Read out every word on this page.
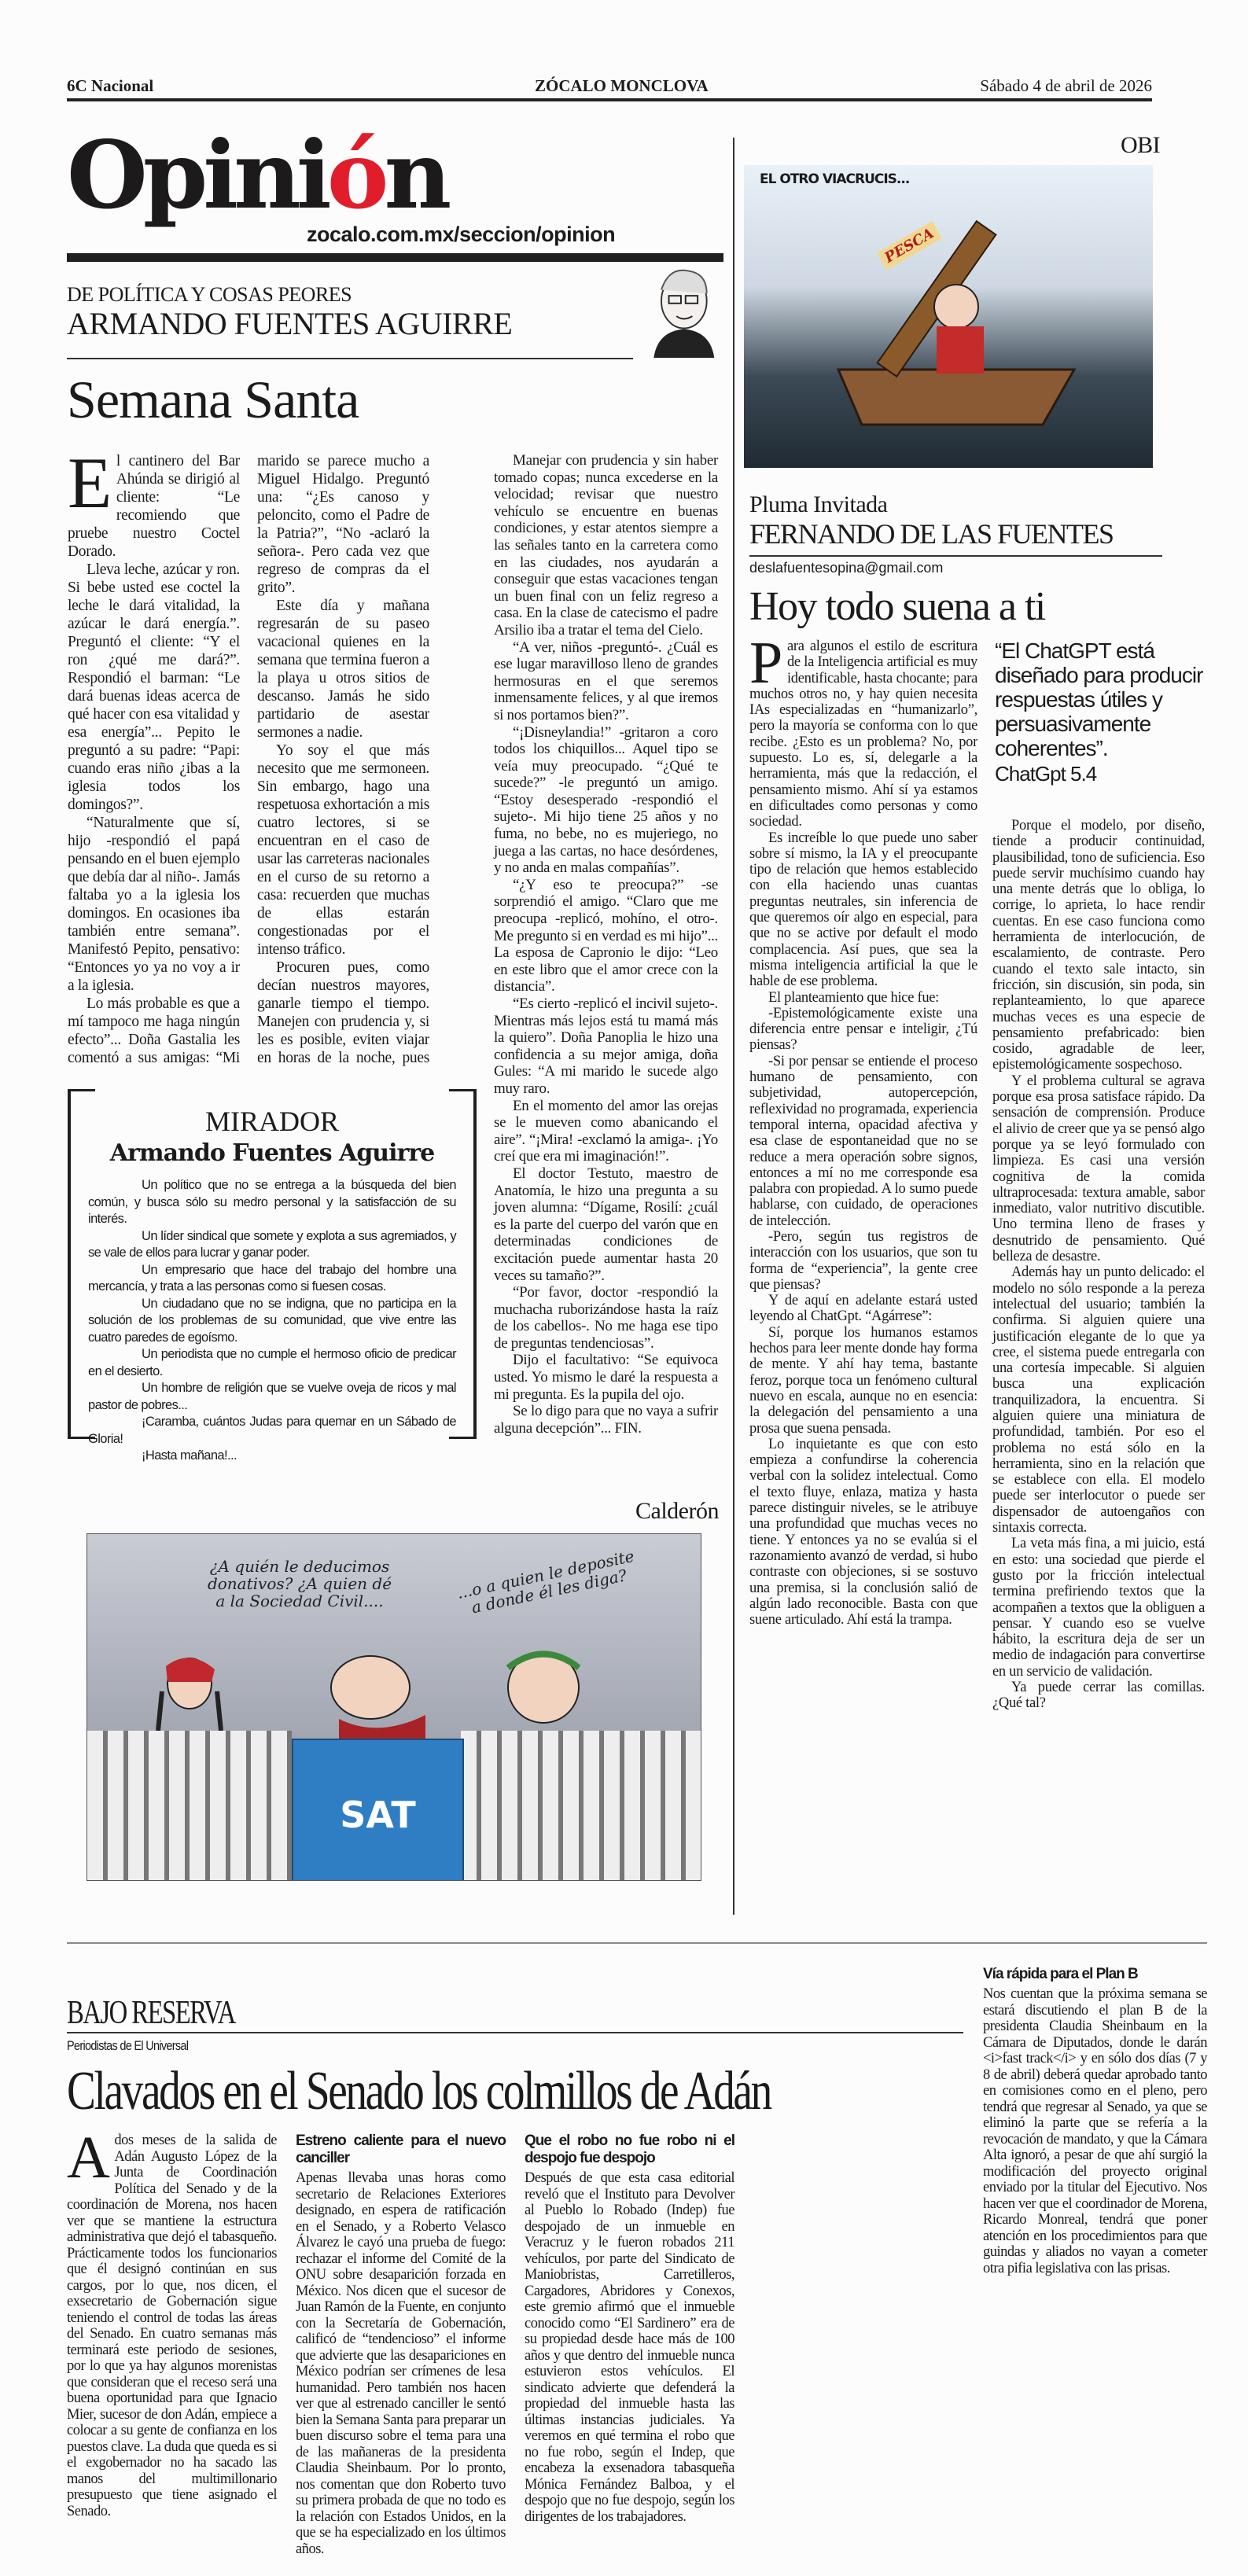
6C Nacional	ZÓCALO MONCLOVA	Sábado 4 de abril de 2026
Opinión
zocalo.com.mx/seccion/opinion
DE POLÍTICA Y COSAS PEORES
ARMANDO FUENTES AGUIRRE
Semana Santa

El cantinero del Bar Ahúnda se dirigió al cliente: “Le recomiendo que pruebe nuestro Coctel Dorado.

Lleva leche, azúcar y ron. Si bebe usted ese coctel la leche le dará vitalidad, la azúcar le dará energía.”. Preguntó el cliente: “Y el ron ¿qué me dará?”. Respondió el barman: “Le dará buenas ideas acerca de qué hacer con esa vitalidad y esa energía”... Pepito le preguntó a su padre: “Papi: cuando eras niño ¿ibas a la iglesia todos los domingos?”.

“Naturalmente que sí, hijo -respondió el papá pensando en el buen ejemplo que debía dar al niño-. Jamás faltaba yo a la iglesia los domingos. En ocasiones iba también entre semana”. Manifestó Pepito, pensativo: “Entonces yo ya no voy a ir a la iglesia.

Lo más probable es que a mí tampoco me haga ningún efecto”... Doña Gastalia les comentó a sus amigas: “Mi marido se parece mucho a Miguel Hidalgo. Preguntó una: “¿Es canoso y peloncito, como el Padre de la Patria?”, “No -aclaró la señora-. Pero cada vez que regreso de compras da el grito”.

Este día y mañana regresarán de su paseo vacacional quienes en la semana que termina fueron a la playa u otros sitios de descanso. Jamás he sido partidario de asestar sermones a nadie.

Yo soy el que más necesito que me sermoneen. Sin embargo, hago una respetuosa exhortación a mis cuatro lectores, si se encuentran en el caso de usar las carreteras nacionales en el curso de su retorno a casa: recuerden que muchas de ellas estarán congestionadas por el intenso tráfico.

Procuren pues, como decían nuestros mayores, ganarle tiempo el tiempo. Manejen con prudencia y, si les es posible, eviten viajar en horas de la noche, pues

Manejar con prudencia y sin haber tomado copas; nunca excederse en la velocidad; revisar que nuestro vehículo se encuentre en buenas condiciones, y estar atentos siempre a las señales tanto en la carretera como en las ciudades, nos ayudarán a conseguir que estas vacaciones tengan un buen final con un feliz regreso a casa. En la clase de catecismo el padre Arsilio iba a tratar el tema del Cielo.

“A ver, niños -preguntó-. ¿Cuál es ese lugar maravilloso lleno de grandes hermosuras en el que seremos inmensamente felices, y al que iremos si nos portamos bien?”.

“¡Disneylandia!” -gritaron a coro todos los chiquillos... Aquel tipo se veía muy preocupado. “¿Qué te sucede?” -le preguntó un amigo. “Estoy desesperado -respondió el sujeto-. Mi hijo tiene 25 años y no fuma, no bebe, no es mujeriego, no juega a las cartas, no hace desórdenes, y no anda en malas compañías”.

“¿Y eso te preocupa?” -se sorprendió el amigo. “Claro que me preocupa -replicó, mohíno, el otro-. Me pregunto si en verdad es mi hijo”... La esposa de Capronio le dijo: “Leo en este libro que el amor crece con la distancia”.

“Es cierto -replicó el incivil sujeto-. Mientras más lejos está tu mamá más la quiero”. Doña Panoplia le hizo una confidencia a su mejor amiga, doña Gules: “A mi marido le sucede algo muy raro.

En el momento del amor las orejas se le mueven como abanicando el aire”. “¡Mira! -exclamó la amiga-. ¡Yo creí que era mi imaginación!”.

El doctor Testuto, maestro de Anatomía, le hizo una pregunta a su joven alumna: “Dígame, Rosilí: ¿cuál es la parte del cuerpo del varón que en determinadas condiciones de excitación puede aumentar hasta 20 veces su tamaño?”.

“Por favor, doctor -respondió la muchacha ruborizándose hasta la raíz de los cabellos-. No me haga ese tipo de preguntas tendenciosas”.

Dijo el facultativo: “Se equivoca usted. Yo mismo le daré la respuesta a mi pregunta. Es la pupila del ojo.

Se lo digo para que no vaya a sufrir alguna decepción”... FIN.

MIRADOR
Armando Fuentes Aguirre

Un político que no se entrega a la búsqueda del bien común, y busca sólo su medro personal y la satisfacción de su interés.

Un líder sindical que somete y explota a sus agremiados, y se vale de ellos para lucrar y ganar poder.

Un empresario que hace del trabajo del hombre una mercancía, y trata a las personas como si fuesen cosas.

Un ciudadano que no se indigna, que no participa en la solución de los problemas de su comunidad, que vive entre las cuatro paredes de egoísmo.

Un periodista que no cumple el hermoso oficio de predicar en el desierto.

Un hombre de religión que se vuelve oveja de ricos y mal pastor de pobres...

¡Caramba, cuántos Judas para quemar en un Sábado de Gloria!

¡Hasta mañana!...

Calderón
¿A quién le deducimos donativos? ¿A quien dé a la Sociedad Civil....	...o a quien le deposite a donde él les diga?
SAT
OBI
EL OTRO VIACRUCIS...
PESCA
Pluma Invitada
FERNANDO DE LAS FUENTES
deslafuentesopina@gmail.com
Hoy todo suena a ti
“El ChatGPT está diseñado para producir respuestas útiles y persuasivamente coherentes”.
ChatGpt 5.4

Para algunos el estilo de escritura de la Inteligencia artificial es muy identificable, hasta chocante; para muchos otros no, y hay quien necesita IAs especializadas en “humanizarlo”, pero la mayoría se conforma con lo que recibe. ¿Esto es un problema? No, por supuesto. Lo es, sí, delegarle a la herramienta, más que la redacción, el pensamiento mismo. Ahí sí ya estamos en dificultades como personas y como sociedad.

Es increíble lo que puede uno saber sobre sí mismo, la IA y el preocupante tipo de relación que hemos establecido con ella haciendo unas cuantas preguntas neutrales, sin inferencia de que queremos oír algo en especial, para que no se active por default el modo complacencia. Así pues, que sea la misma inteligencia artificial la que le hable de ese problema.

El planteamiento que hice fue:

-Epistemológicamente existe una diferencia entre pensar e inteligir, ¿Tú piensas?

-Si por pensar se entiende el proceso humano de pensamiento, con subjetividad, autopercepción, reflexividad no programada, experiencia temporal interna, opacidad afectiva y esa clase de espontaneidad que no se reduce a mera operación sobre signos, entonces a mí no me corresponde esa palabra con propiedad. A lo sumo puede hablarse, con cuidado, de operaciones de intelección.

-Pero, según tus registros de interacción con los usuarios, que son tu forma de “experiencia”, la gente cree que piensas?

Y de aquí en adelante estará usted leyendo al ChatGpt. “Agárrese”:

Sí, porque los humanos estamos hechos para leer mente donde hay forma de mente. Y ahí hay tema, bastante feroz, porque toca un fenómeno cultural nuevo en escala, aunque no en esencia: la delegación del pensamiento a una prosa que suena pensada.

Lo inquietante es que con esto empieza a confundirse la coherencia verbal con la solidez intelectual. Como el texto fluye, enlaza, matiza y hasta parece distinguir niveles, se le atribuye una profundidad que muchas veces no tiene. Y entonces ya no se evalúa si el razonamiento avanzó de verdad, si hubo contraste con objeciones, si se sostuvo una premisa, si la conclusión salió de algún lado reconocible. Basta con que suene articulado. Ahí está la trampa.

Porque el modelo, por diseño, tiende a producir continuidad, plausibilidad, tono de suficiencia. Eso puede servir muchísimo cuando hay una mente detrás que lo obliga, lo corrige, lo aprieta, lo hace rendir cuentas. En ese caso funciona como herramienta de interlocución, de escalamiento, de contraste. Pero cuando el texto sale intacto, sin fricción, sin discusión, sin poda, sin replanteamiento, lo que aparece muchas veces es una especie de pensamiento prefabricado: bien cosido, agradable de leer, epistemológicamente sospechoso.

Y el problema cultural se agrava porque esa prosa satisface rápido. Da sensación de comprensión. Produce el alivio de creer que ya se pensó algo porque ya se leyó formulado con limpieza. Es casi una versión cognitiva de la comida ultraprocesada: textura amable, sabor inmediato, valor nutritivo discutible. Uno termina lleno de frases y desnutrido de pensamiento. Qué belleza de desastre.

Además hay un punto delicado: el modelo no sólo responde a la pereza intelectual del usuario; también la confirma. Si alguien quiere una justificación elegante de lo que ya cree, el sistema puede entregarla con una cortesía impecable. Si alguien busca una explicación tranquilizadora, la encuentra. Si alguien quiere una miniatura de profundidad, también. Por eso el problema no está sólo en la herramienta, sino en la relación que se establece con ella. El modelo puede ser interlocutor o puede ser dispensador de autoengaños con sintaxis correcta.

La veta más fina, a mi juicio, está en esto: una sociedad que pierde el gusto por la fricción intelectual termina prefiriendo textos que la acompañen a textos que la obliguen a pensar. Y cuando eso se vuelve hábito, la escritura deja de ser un medio de indagación para convertirse en un servicio de validación.

Ya puede cerrar las comillas. ¿Qué tal?

BAJO RESERVA
Periodistas de El Universal
Clavados en el Senado los colmillos de Adán

A dos meses de la salida de Adán Augusto López de la Junta de Coordinación Política del Senado y de la coordinación de Morena, nos hacen ver que se mantiene la estructura administrativa que dejó el tabasqueño. Prácticamente todos los funcionarios que él designó continúan en sus cargos, por lo que, nos dicen, el exsecretario de Gobernación sigue teniendo el control de todas las áreas del Senado. En cuatro semanas más terminará este periodo de sesiones, por lo que ya hay algunos morenistas que consideran que el receso será una buena oportunidad para que Ignacio Mier, sucesor de don Adán, empiece a colocar a su gente de confianza en los puestos clave. La duda que queda es si el exgobernador no ha sacado las manos del multimillonario presupuesto que tiene asignado el Senado.

Estreno caliente para el nuevo canciller

Apenas llevaba unas horas como secretario de Relaciones Exteriores designado, en espera de ratificación en el Senado, y a Roberto Velasco Álvarez le cayó una prueba de fuego: rechazar el informe del Comité de la ONU sobre desaparición forzada en México. Nos dicen que el sucesor de Juan Ramón de la Fuente, en conjunto con la Secretaría de Gobernación, calificó de “tendencioso” el informe que advierte que las desapariciones en México podrían ser crímenes de lesa humanidad. Pero también nos hacen ver que al estrenado canciller le sentó bien la Semana Santa para preparar un buen discurso sobre el tema para una de las mañaneras de la presidenta Claudia Sheinbaum. Por lo pronto, nos comentan que don Roberto tuvo su primera probada de que no todo es la relación con Estados Unidos, en la que se ha especializado en los últimos años.

Que el robo no fue robo ni el despojo fue despojo

Después de que esta casa editorial reveló que el Instituto para Devolver al Pueblo lo Robado (Indep) fue despojado de un inmueble en Veracruz y le fueron robados 211 vehículos, por parte del Sindicato de Maniobristas, Carretilleros, Cargadores, Abridores y Conexos, este gremio afirmó que el inmueble conocido como “El Sardinero” era de su propiedad desde hace más de 100 años y que dentro del inmueble nunca estuvieron estos vehículos. El sindicato advierte que defenderá la propiedad del inmueble hasta las últimas instancias judiciales. Ya veremos en qué termina el robo que no fue robo, según el Indep, que encabeza la exsenadora tabasqueña Mónica Fernández Balboa, y el despojo que no fue despojo, según los dirigentes de los trabajadores.

Vía rápida para el Plan B

Nos cuentan que la próxima semana se estará discutiendo el plan B de la presidenta Claudia Sheinbaum en la Cámara de Diputados, donde le darán <i>fast track</i> y en sólo dos días (7 y 8 de abril) deberá quedar aprobado tanto en comisiones como en el pleno, pero tendrá que regresar al Senado, ya que se eliminó la parte que se refería a la revocación de mandato, y que la Cámara Alta ignoró, a pesar de que ahí surgió la modificación del proyecto original enviado por la titular del Ejecutivo. Nos hacen ver que el coordinador de Morena, Ricardo Monreal, tendrá que poner atención en los procedimientos para que guindas y aliados no vayan a cometer otra pifia legislativa con las prisas.
